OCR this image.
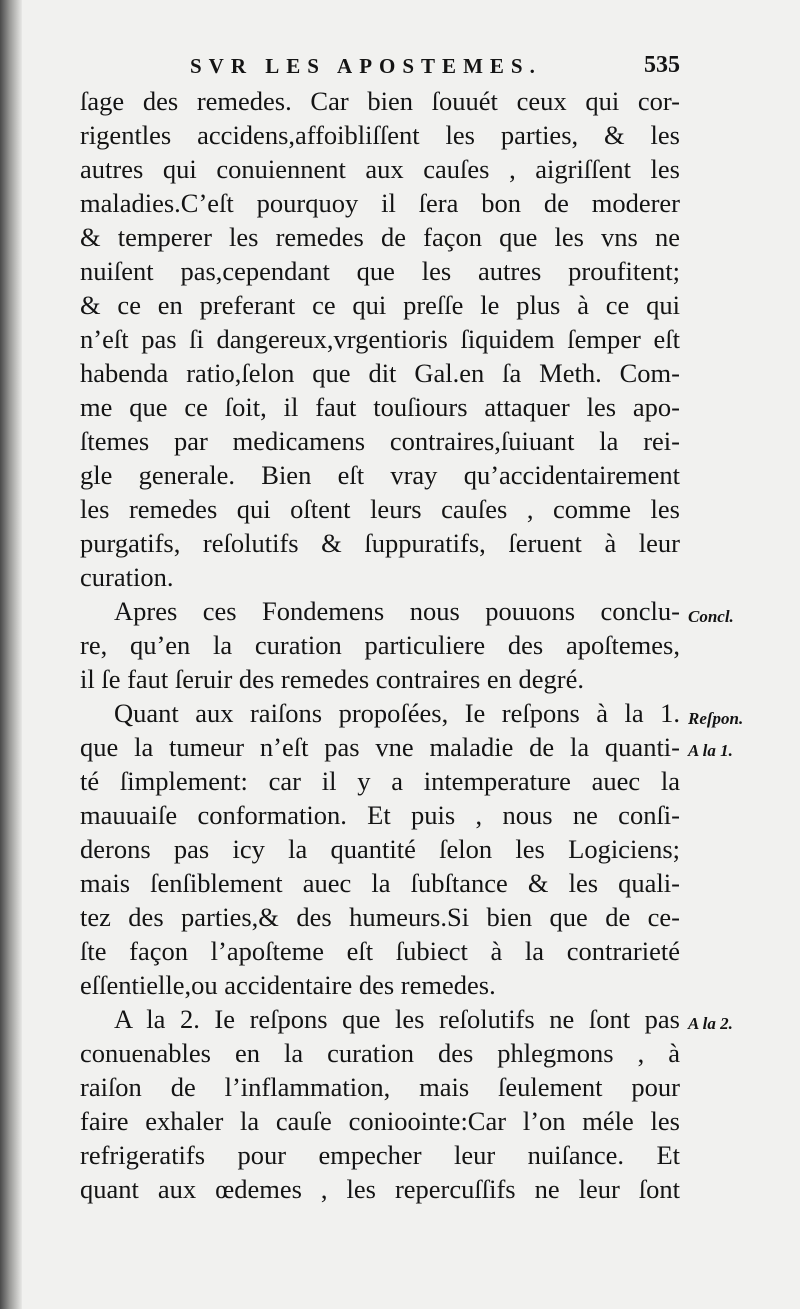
SVR LES APOSTEMES.	535
ſage des remedes. Car bien ſouuét ceux qui cor-
rigentles accidens,affoibliſſent les parties, & les
autres qui conuiennent aux cauſes , aigriſſent les
maladies.C’eſt pourquoy il ſera bon de moderer
& temperer les remedes de façon que les vns ne
nuiſent pas,cependant que les autres proufitent;
& ce en preferant ce qui preſſe le plus à ce qui
n’eſt pas ſi dangereux,vrgentioris ſiquidem ſemper eſt
habenda ratio,ſelon que dit Gal.en ſa Meth. Com-
me que ce ſoit, il faut touſiours attaquer les apo-
ſtemes par medicamens contraires,ſuiuant la rei-
gle generale. Bien eſt vray qu’accidentairement
les remedes qui oſtent leurs cauſes , comme les
purgatifs, reſolutifs & ſuppuratifs, ſeruent à leur
curation.
Apres ces Fondemens nous pouuons conclu-
re, qu’en la curation particuliere des apoſtemes,
il ſe faut ſeruir des remedes contraires en degré.
Quant aux raiſons propoſées, Ie reſpons à la 1.
que la tumeur n’eſt pas vne maladie de la quanti-
té ſimplement: car il y a intemperature auec la
mauuaiſe conformation. Et puis , nous ne conſi-
derons pas icy la quantité ſelon les Logiciens;
mais ſenſiblement auec la ſubſtance & les quali-
tez des parties,& des humeurs.Si bien que de ce-
ſte façon l’apoſteme eſt ſubiect à la contrarieté
eſſentielle,ou accidentaire des remedes.
A la 2. Ie reſpons que les reſolutifs ne ſont pas
conuenables en la curation des phlegmons , à
raiſon de l’inflammation, mais ſeulement pour
faire exhaler la cauſe conioointe:Car l’on méle les
refrigeratifs pour empecher leur nuiſance. Et
quant aux œdemes , les repercuſſifs ne leur ſont
Concl.
Reſpon.
A la 1.
A la 2.
